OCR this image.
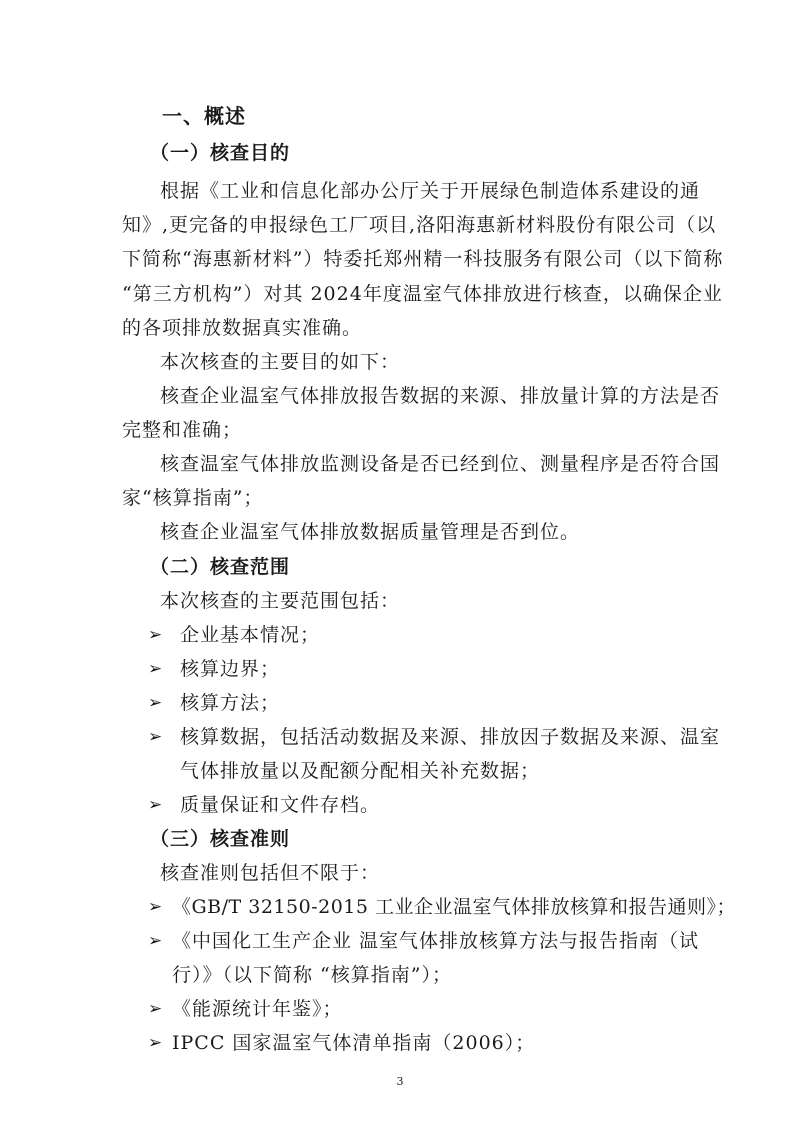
一、概述
（一）核查目的
根据《工业和信息化部办公厅关于开展绿色制造体系建设的通
知》,更完备的申报绿色工厂项目,洛阳海惠新材料股份有限公司（以
下简称“海惠新材料”）特委托郑州精一科技服务有限公司（以下简称
“第三方机构”）对其 2024年度温室气体排放进行核查，以确保企业
的各项排放数据真实准确。
本次核查的主要目的如下：
核查企业温室气体排放报告数据的来源、排放量计算的方法是否
完整和准确；
核查温室气体排放监测设备是否已经到位、测量程序是否符合国
家“核算指南”；
核查企业温室气体排放数据质量管理是否到位。
（二）核查范围
本次核查的主要范围包括：
➢ 企业基本情况；
➢ 核算边界；
➢ 核算方法；
➢ 核算数据，包括活动数据及来源、排放因子数据及来源、温室
气体排放量以及配额分配相关补充数据；
➢ 质量保证和文件存档。
（三）核查准则
核查准则包括但不限于：
➢ 《GB/T 32150-2015 工业企业温室气体排放核算和报告通则》；
➢ 《中国化工生产企业 温室气体排放核算方法与报告指南（试
行）》（以下简称 “核算指南”）；
➢ 《能源统计年鉴》；
➢ IPCC 国家温室气体清单指南（2006）；
3
